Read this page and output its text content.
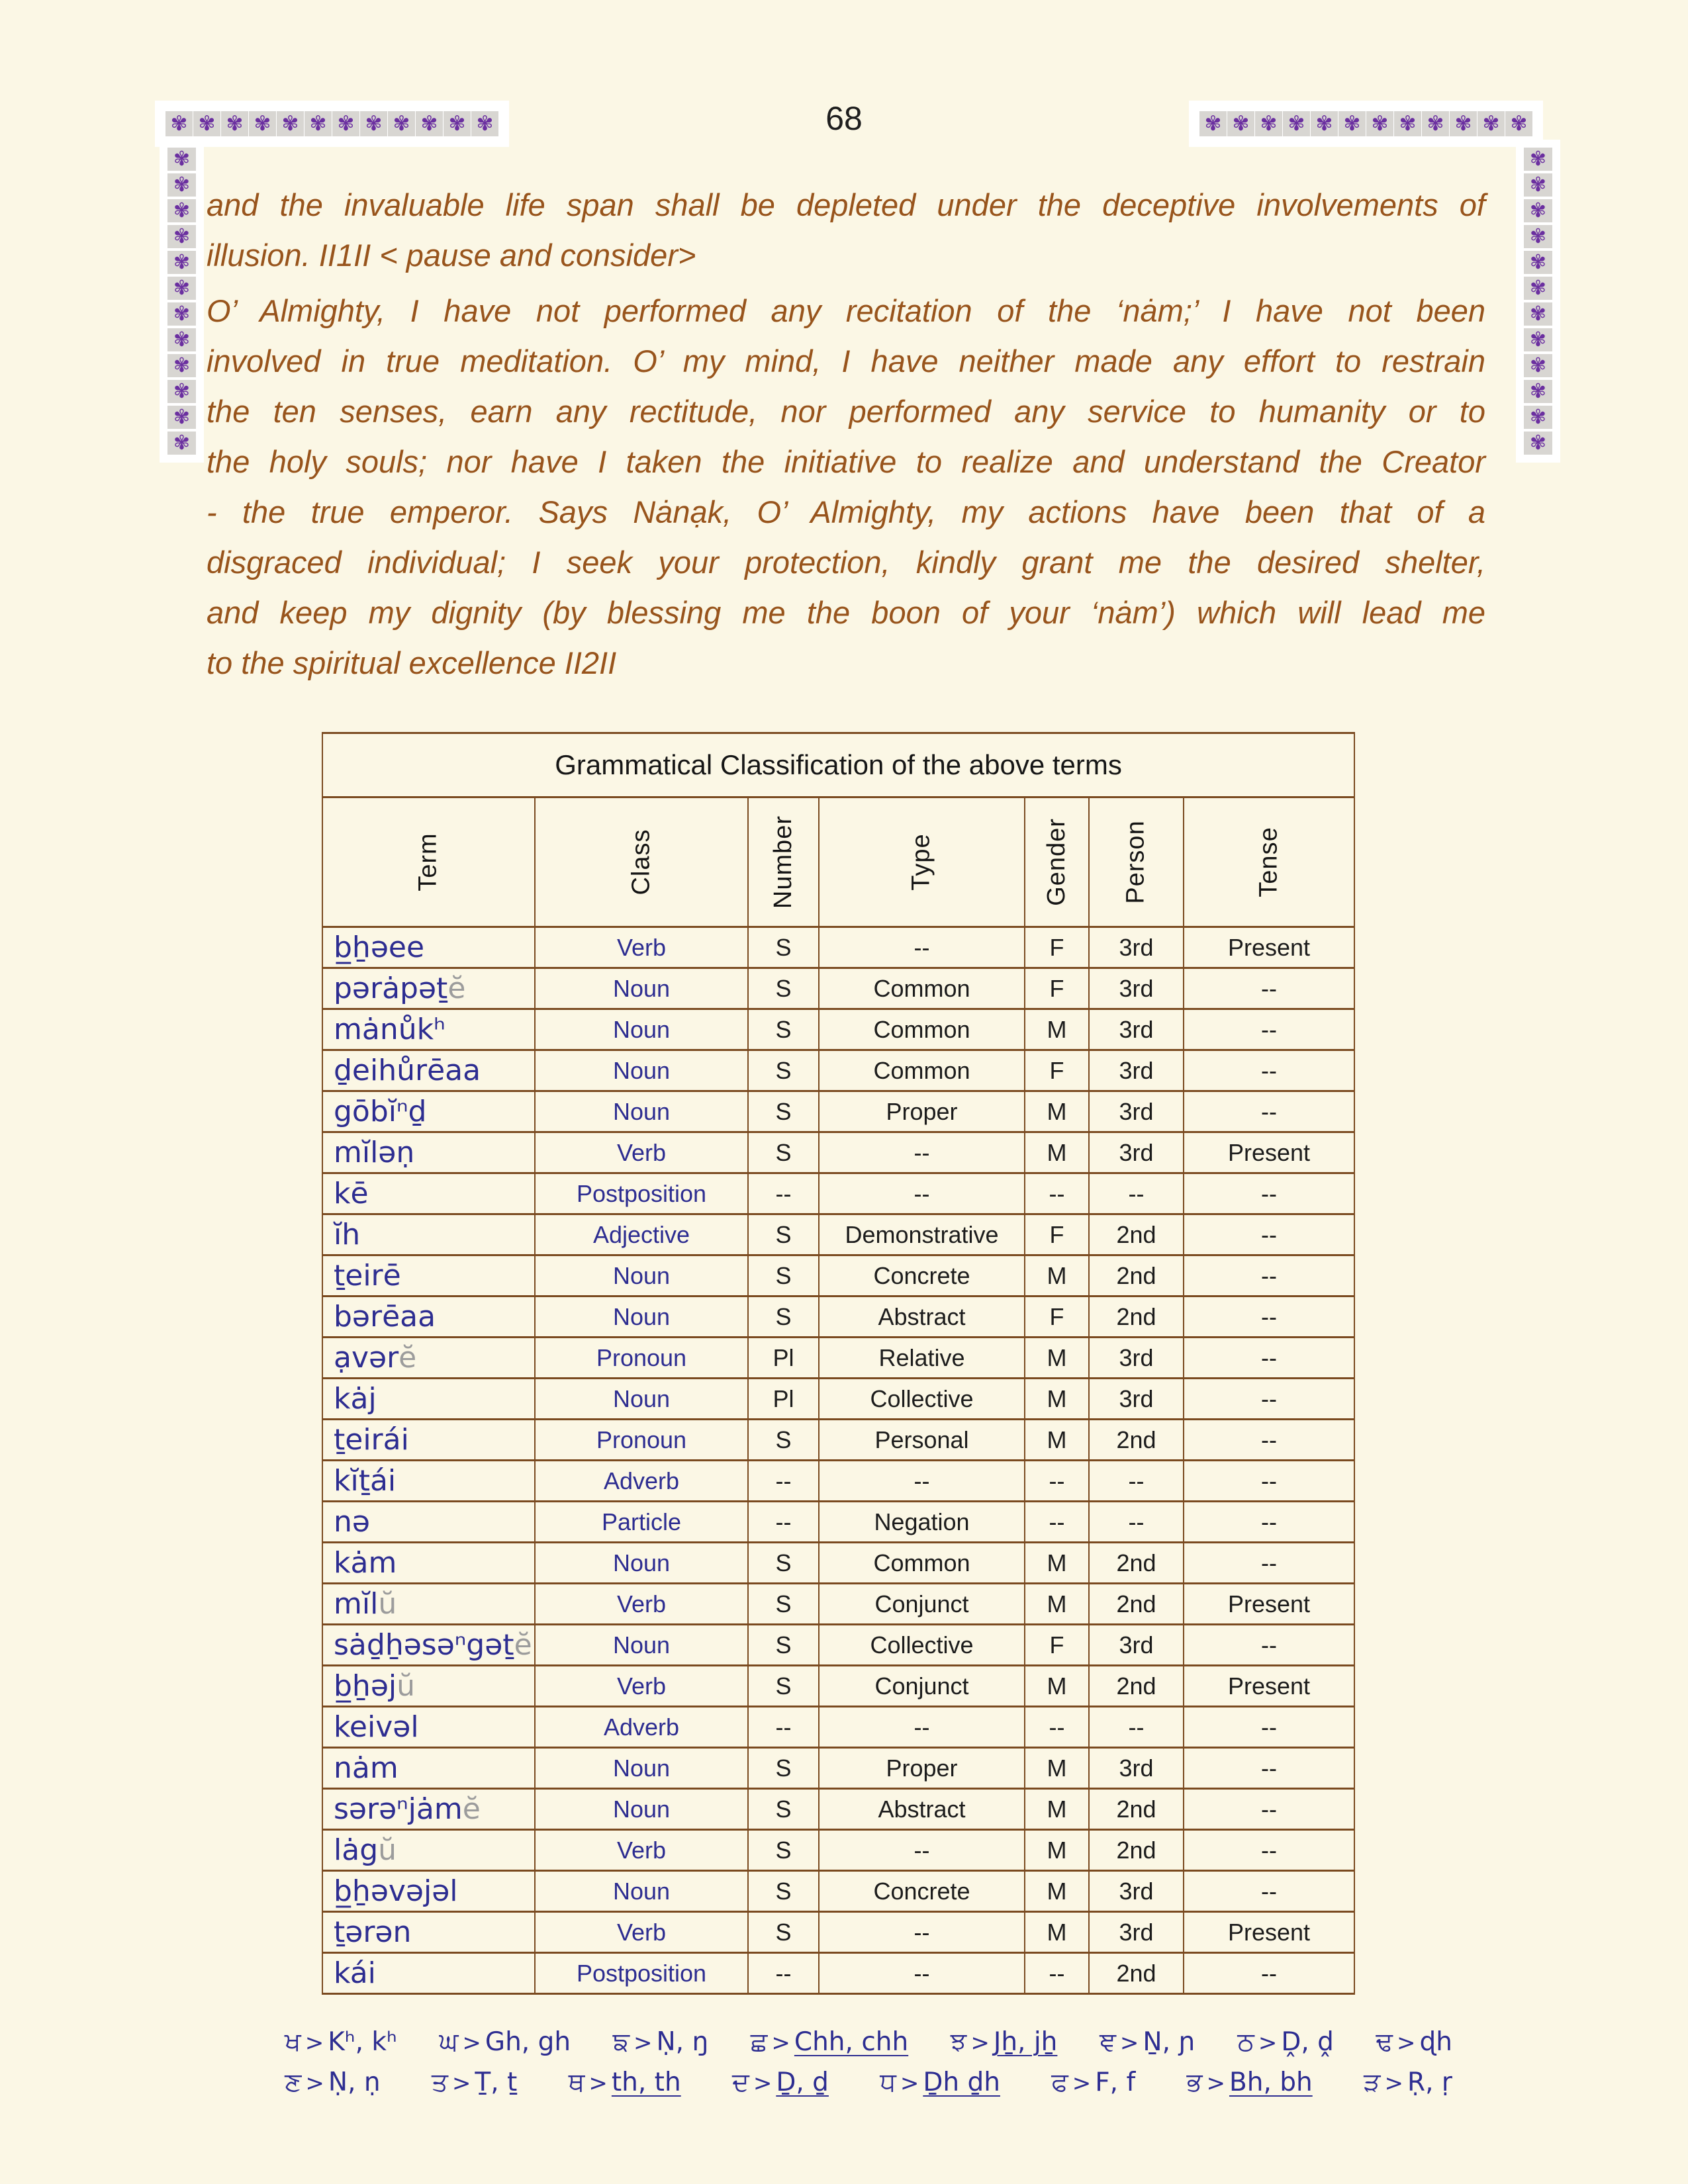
68
✾ ✾ ✾ ✾ ✾ ✾ ✾ ✾ ✾ ✾ ✾ ✾	✾ ✾ ✾ ✾ ✾ ✾ ✾ ✾ ✾ ✾ ✾ ✾
✾
✾
✾
✾
✾
✾
✾
✾
✾
✾
✾
✾
✾
✾
✾
✾
✾
✾
✾
✾
✾
✾
✾
✾
and the invaluable life span shall be depleted under the deceptive involvements of
illusion. II1II < pause and consider>
O’ Almighty, I have not performed any recitation of the ‘nȧm;’ I have not been
involved in true meditation. O’ my mind, I have neither made any effort to restrain
the ten senses, earn any rectitude, nor performed any service to humanity or to
the holy souls; nor have I taken the initiative to realize and understand the Creator
- the true emperor. Says Nȧnạk, O’ Almighty, my actions have been that of a
disgraced individual; I seek your protection, kindly grant me the desired shelter,
and keep my dignity (by blessing me the boon of your ‘nȧm’) which will lead me
to the spiritual excellence II2II
Grammatical Classification of the above terms						

Term	Class	Number	Type	Gender	Person	Tense

b̲ẖəee	Verb	S	--	F	3rd	Present
pərȧpəṯĕ	Noun	S	Common	F	3rd	--
mȧnůkʰ	Noun	S	Common	M	3rd	--
ḏeihůrēaa	Noun	S	Common	F	3rd	--
gōbĭⁿḏ	Noun	S	Proper	M	3rd	--
mĭləṇ	Verb	S	--	M	3rd	Present
kē	Postposition	--	--	--	--	--
ĭh	Adjective	S	Demonstrative	F	2nd	--
ṯeirē	Noun	S	Concrete	M	2nd	--
bərēaa	Noun	S	Abstract	F	2nd	--
ạvərĕ	Pronoun	Pl	Relative	M	3rd	--
kȧj	Noun	Pl	Collective	M	3rd	--
ṯeirái	Pronoun	S	Personal	M	2nd	--
kĭṯái	Adverb	--	--	--	--	--
nə	Particle	--	Negation	--	--	--
kȧm	Noun	S	Common	M	2nd	--
mĭlŭ	Verb	S	Conjunct	M	2nd	Present
sȧḏẖəsəⁿgəṯĕ	Noun	S	Collective	F	3rd	--
b̲ẖəjŭ	Verb	S	Conjunct	M	2nd	Present
keivəl	Adverb	--	--	--	--	--
nȧm	Noun	S	Proper	M	3rd	--
sərəⁿjȧmĕ	Noun	S	Abstract	M	2nd	--
lȧgŭ	Verb	S	--	M	2nd	--
b̲ẖəvəjəl	Noun	S	Concrete	M	3rd	--
ṯərən	Verb	S	--	M	3rd	Present
kái	Postposition	--	--	--	2nd	--
ਖ > Kʰ, kʰ ਘ > Gh, gh ਙ > Ṇ, ŋ ਛ > Chh, chh ਝ > Jẖ, jẖ ਞ > Ṉ, ɲ ਠ > Ḓ, ḓ ਢ > ɖh
ਣ > Ṇ, ṇ ਤ > Ṯ, ṯ ਥ > th, th ਦ > Ḏ, ḏ ਧ > Ḏh ḏh ਫ > F, f ਭ > Bh, bh ੜ > Ṛ, ṛ
